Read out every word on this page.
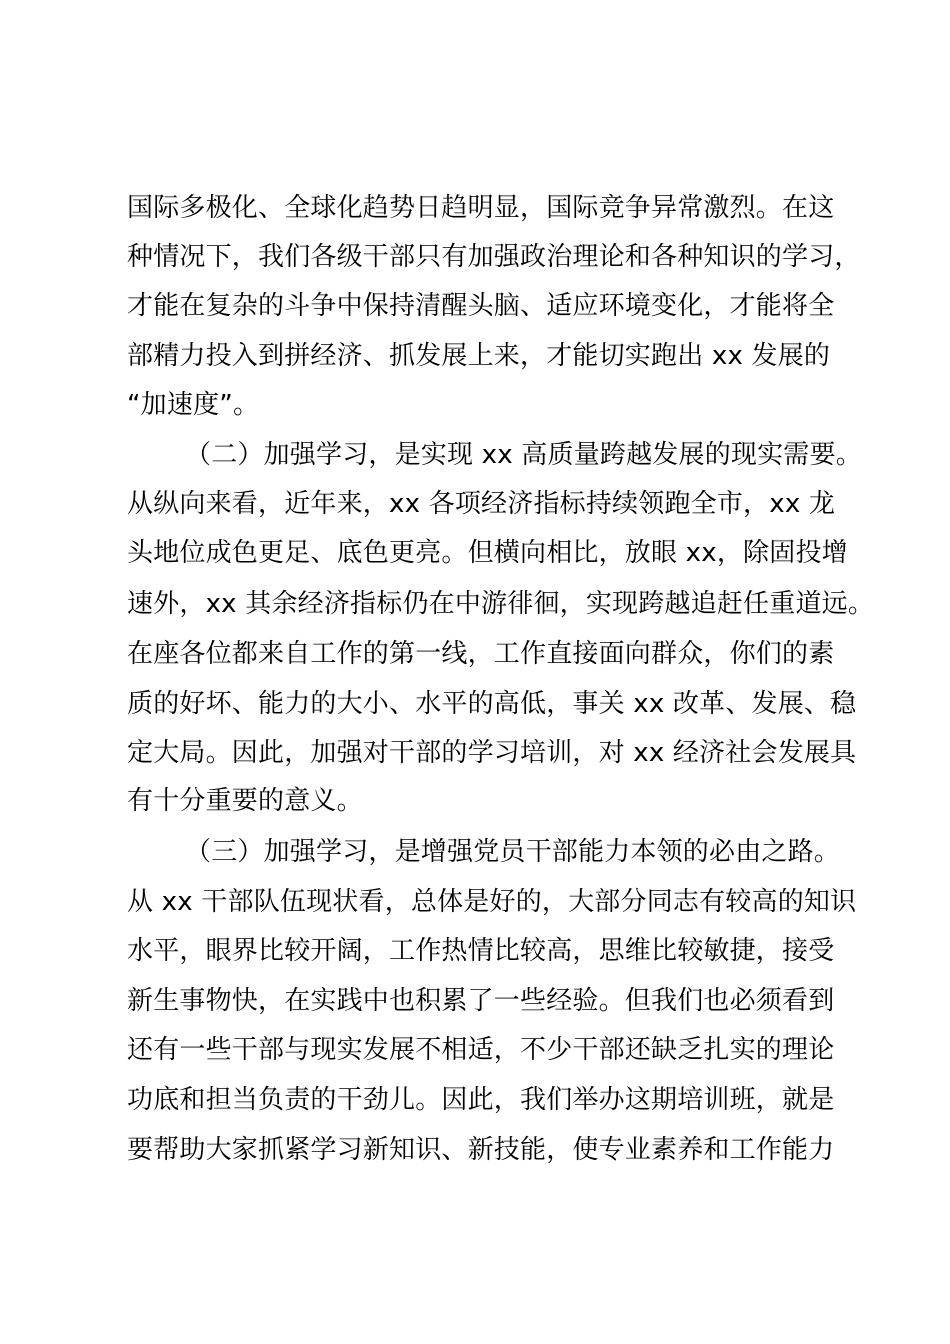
国际多极化、全球化趋势日趋明显，国际竞争异常激烈。在这
种情况下，我们各级干部只有加强政治理论和各种知识的学习，
才能在复杂的斗争中保持清醒头脑、适应环境变化，才能将全
部精力投入到拼经济、抓发展上来，才能切实跑出 xx 发展的
“加速度”。
（二）加强学习，是实现 xx 高质量跨越发展的现实需要。
从纵向来看，近年来，xx 各项经济指标持续领跑全市，xx 龙
头地位成色更足、底色更亮。但横向相比，放眼 xx，除固投增
速外，xx 其余经济指标仍在中游徘徊，实现跨越追赶任重道远。
在座各位都来自工作的第一线，工作直接面向群众，你们的素
质的好坏、能力的大小、水平的高低，事关 xx 改革、发展、稳
定大局。因此，加强对干部的学习培训，对 xx 经济社会发展具
有十分重要的意义。
（三）加强学习，是增强党员干部能力本领的必由之路。
从 xx 干部队伍现状看，总体是好的，大部分同志有较高的知识
水平，眼界比较开阔，工作热情比较高，思维比较敏捷，接受
新生事物快，在实践中也积累了一些经验。但我们也必须看到
还有一些干部与现实发展不相适，不少干部还缺乏扎实的理论
功底和担当负责的干劲儿。因此，我们举办这期培训班，就是
要帮助大家抓紧学习新知识、新技能，使专业素养和工作能力
